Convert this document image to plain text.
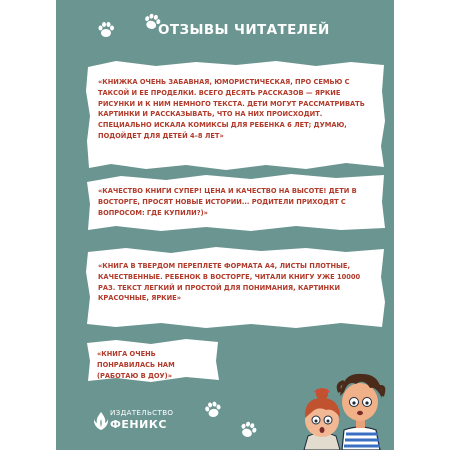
ОТЗЫВЫ ЧИТАТЕЛЕЙ

«КНИЖКА ОЧЕНЬ ЗАБАВНАЯ, ЮМОРИСТИЧЕСКАЯ, ПРО СЕМЬЮ С ТАКСОЙ И ЕЕ ПРОДЕЛКИ. ВСЕГО ДЕСЯТЬ РАССКАЗОВ — ЯРКИЕ РИСУНКИ И К НИМ НЕМНОГО ТЕКСТА. ДЕТИ МОГУТ РАССМАТРИВАТЬ КАРТИНКИ И РАССКАЗЫВАТЬ, ЧТО НА НИХ ПРОИСХОДИТ. СПЕЦИАЛЬНО ИСКАЛА КОМИКСЫ ДЛЯ РЕБЕНКА 6 ЛЕТ; ДУМАЮ, ПОДОЙДЕТ ДЛЯ ДЕТЕЙ 4–8 ЛЕТ»

«КАЧЕСТВО КНИГИ СУПЕР! ЦЕНА И КАЧЕСТВО НА ВЫСОТЕ! ДЕТИ В ВОСТОРГЕ, ПРОСЯТ НОВЫЕ ИСТОРИИ... РОДИТЕЛИ ПРИХОДЯТ С ВОПРОСОМ: ГДЕ КУПИЛИ?)»

«КНИГА В ТВЕРДОМ ПЕРЕПЛЕТЕ ФОРМАТА А4, ЛИСТЫ ПЛОТНЫЕ, КАЧЕСТВЕННЫЕ. РЕБЕНОК В ВОСТОРГЕ, ЧИТАЛИ КНИГУ УЖЕ 10000 РАЗ. ТЕКСТ ЛЕГКИЙ И ПРОСТОЙ ДЛЯ ПОНИМАНИЯ, КАРТИНКИ КРАСОЧНЫЕ, ЯРКИЕ»

«КНИГА ОЧЕНЬ ПОНРАВИЛАСЬ НАМ (РАБОТАЮ В ДОУ)»

ИЗДАТЕЛЬСТВО
ФЕНИКС
